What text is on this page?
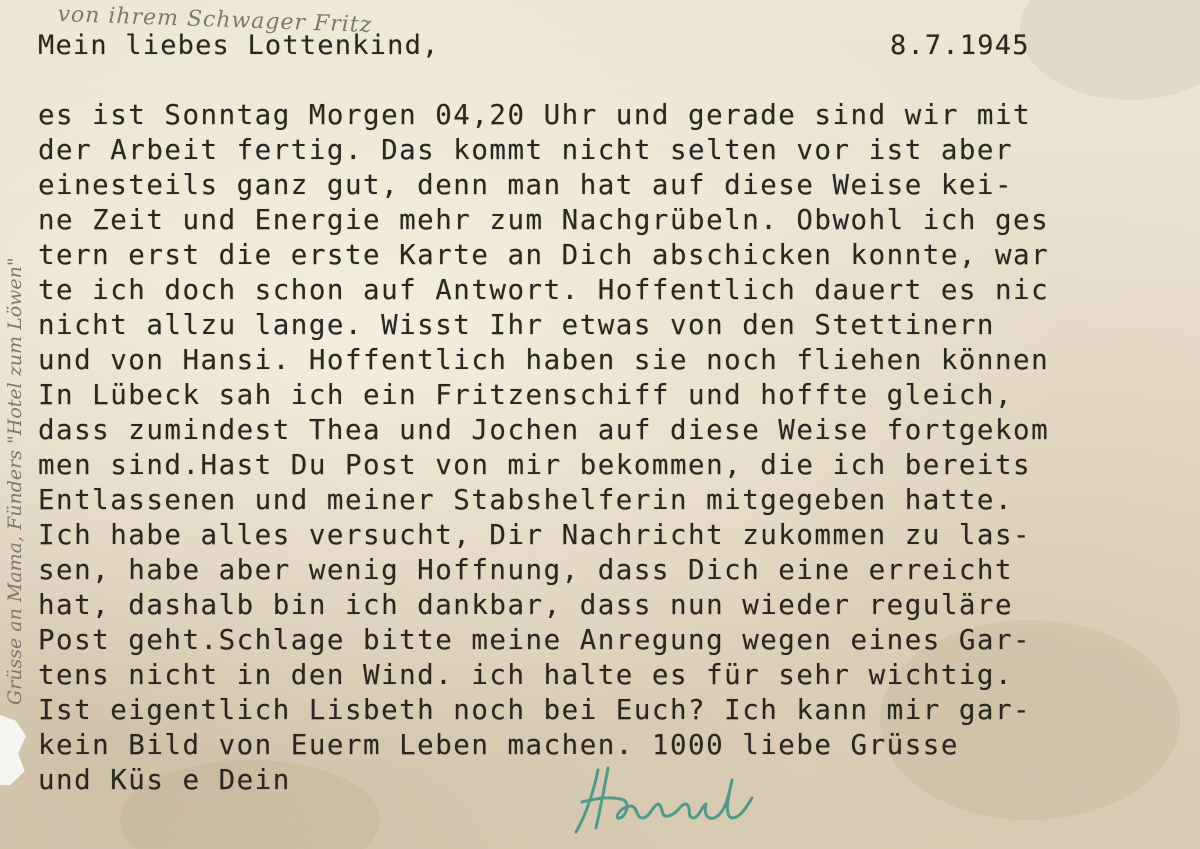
von ihrem Schwager Fritz

Grüsse an Mama, Fünders "Hotel zum Löwen"

Mein liebes Lottenkind,	8.7.1945
es ist Sonntag Morgen 04,20 Uhr und gerade sind wir mit
der Arbeit fertig. Das kommt nicht selten vor ist aber
einesteils ganz gut, denn man hat auf diese Weise kei-
ne Zeit und Energie mehr zum Nachgrübeln. Obwohl ich ges
tern erst die erste Karte an Dich abschicken konnte, war
te ich doch schon auf Antwort. Hoffentlich dauert es nic
nicht allzu lange. Wisst Ihr etwas von den Stettinern
und von Hansi. Hoffentlich haben sie noch fliehen können
In Lübeck sah ich ein Fritzenschiff und hoffte gleich,
dass zumindest Thea und Jochen auf diese Weise fortgekom
men sind.Hast Du Post von mir bekommen, die ich bereits
Entlassenen und meiner Stabshelferin mitgegeben hatte.
Ich habe alles versucht, Dir Nachricht zukommen zu las-
sen, habe aber wenig Hoffnung, dass Dich eine erreicht
hat, dashalb bin ich dankbar, dass nun wieder reguläre
Post geht.Schlage bitte meine Anregung wegen eines Gar-
tens nicht in den Wind. ich halte es für sehr wichtig.
Ist eigentlich Lisbeth noch bei Euch? Ich kann mir gar-
kein Bild von Euerm Leben machen. 1000 liebe Grüsse
und Küs e Dein
